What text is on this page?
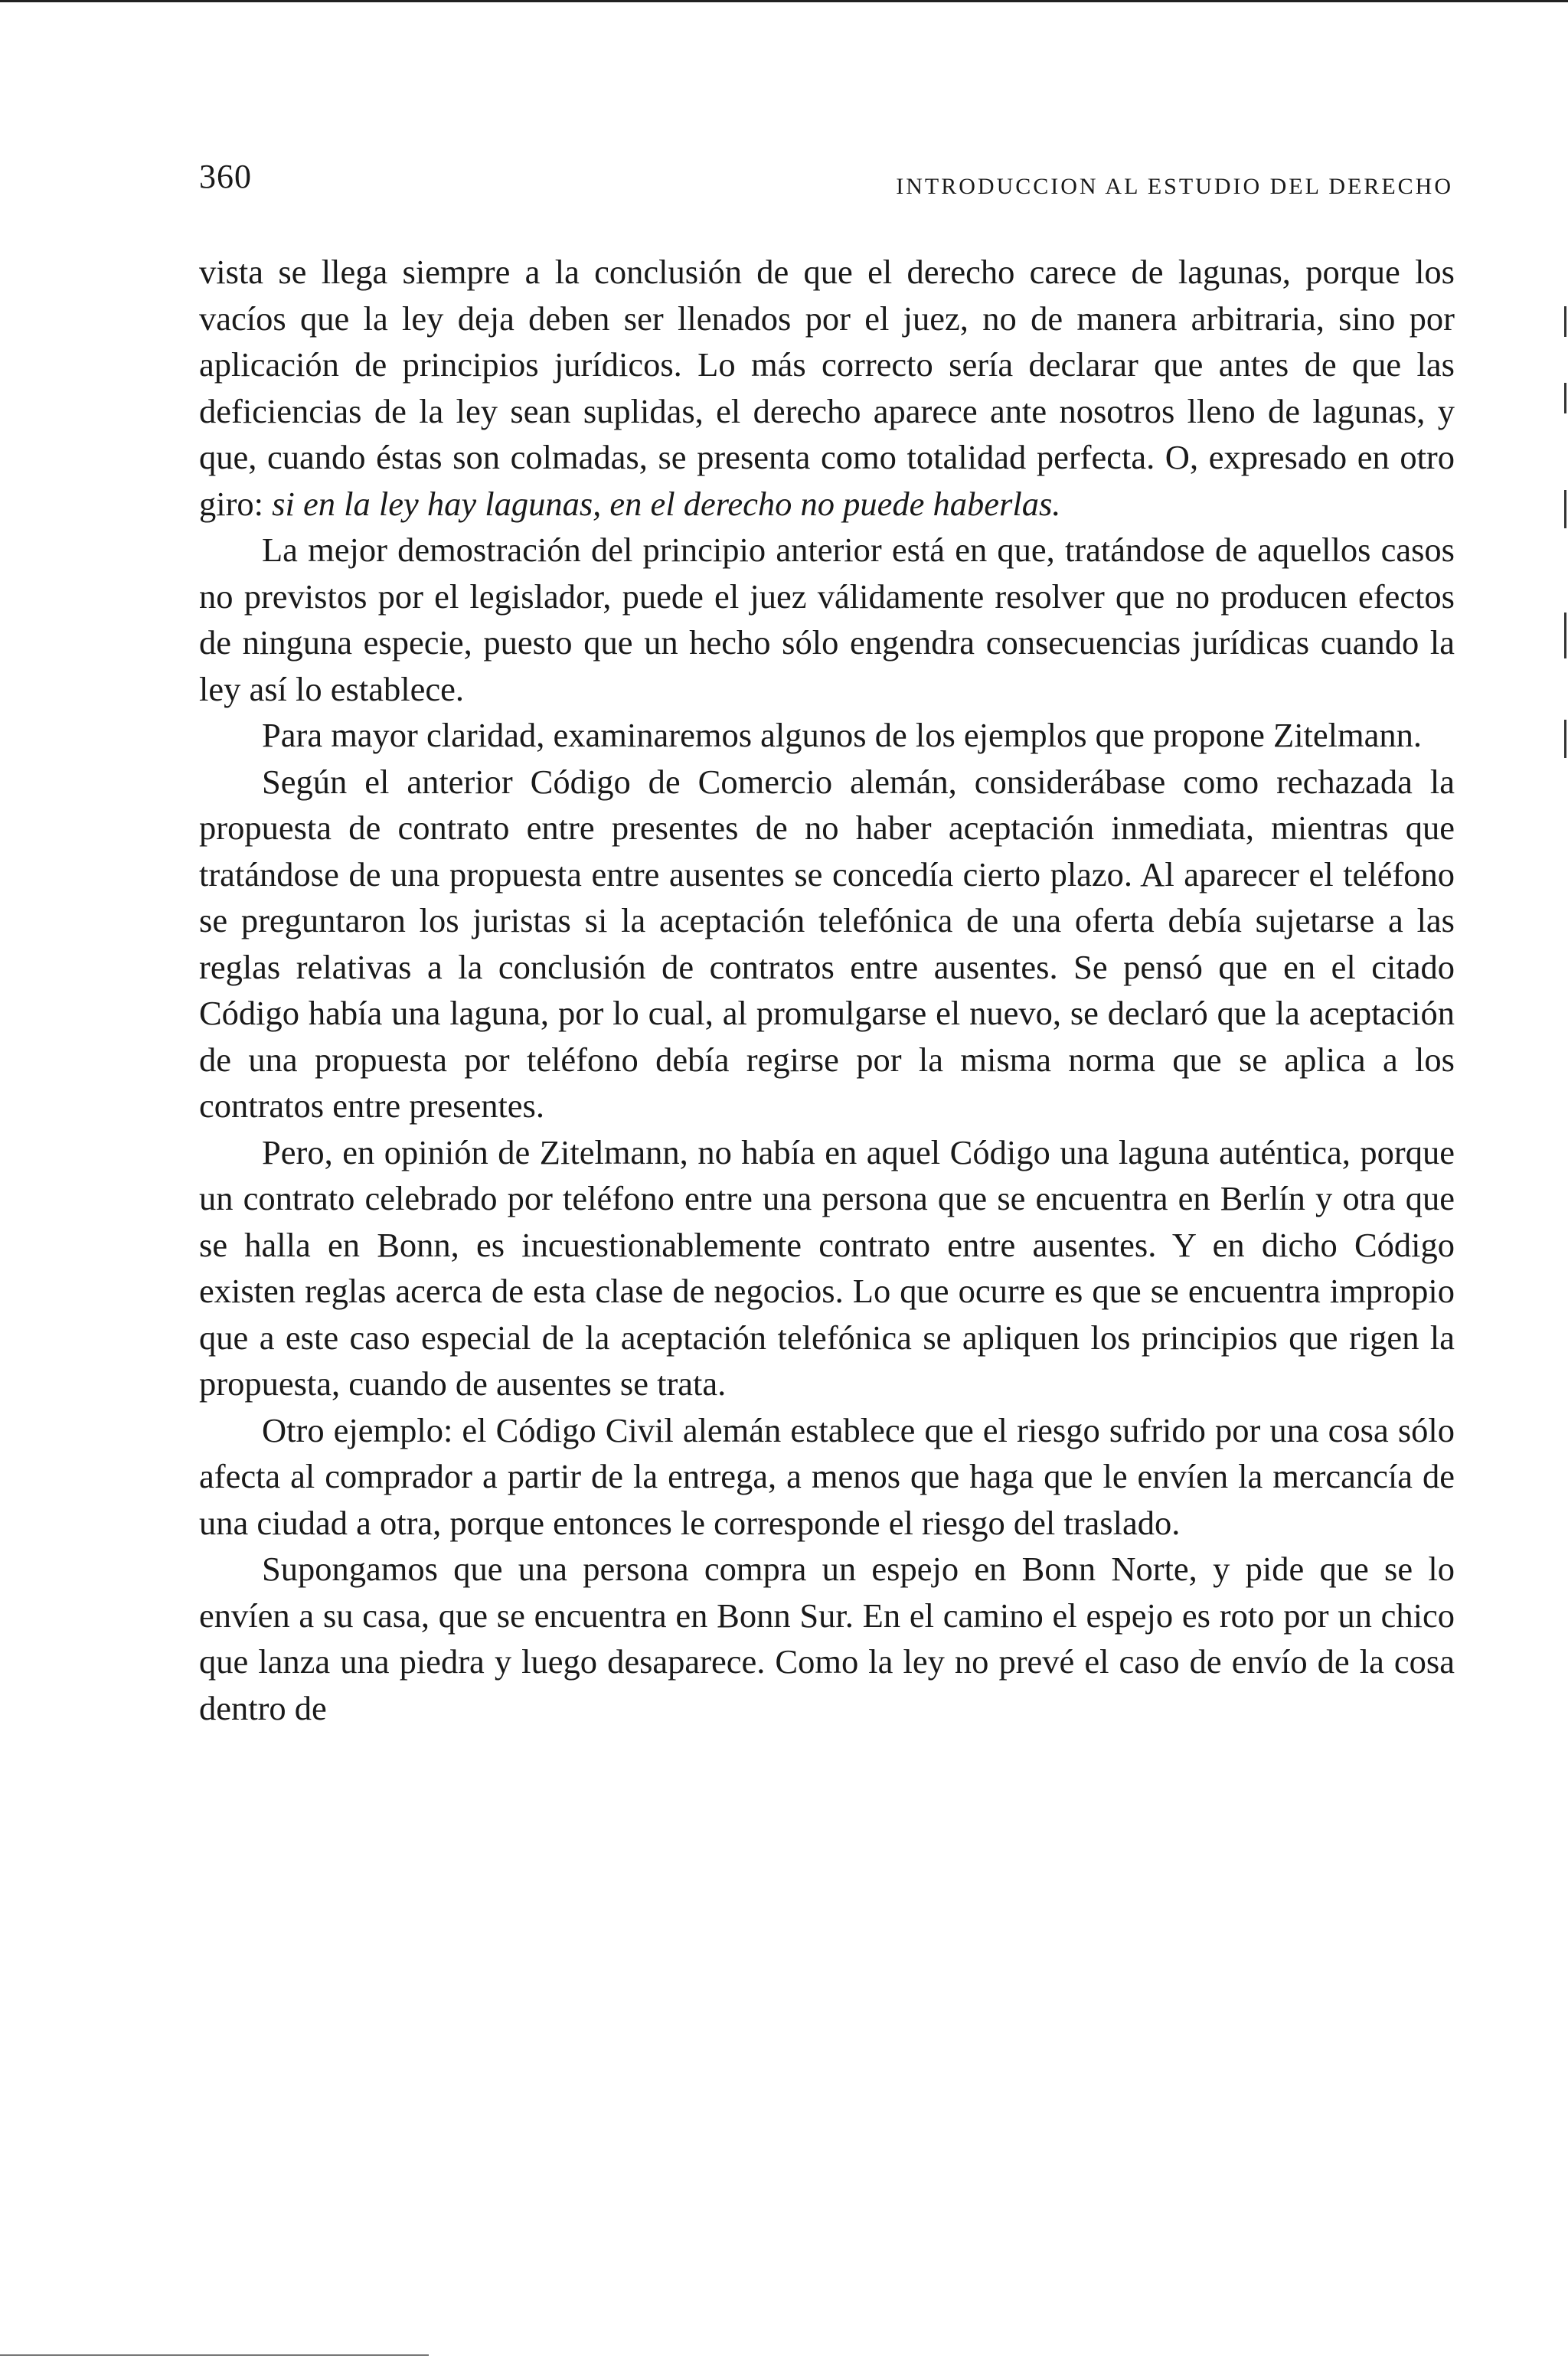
360	INTRODUCCION AL ESTUDIO DEL DERECHO

vista se llega siempre a la conclusión de que el derecho carece de lagunas, porque los vacíos que la ley deja deben ser llenados por el juez, no de manera arbitraria, sino por aplicación de principios jurídicos. Lo más correcto sería declarar que antes de que las deficiencias de la ley sean suplidas, el derecho aparece ante nosotros lleno de lagunas, y que, cuando éstas son colmadas, se presenta como totalidad perfecta. O, expresado en otro giro: si en la ley hay lagunas, en el derecho no puede haberlas.

La mejor demostración del principio anterior está en que, tratándose de aquellos casos no previstos por el legislador, puede el juez válidamente resolver que no producen efectos de ninguna especie, puesto que un hecho sólo engendra consecuencias jurídicas cuando la ley así lo establece.

Para mayor claridad, examinaremos algunos de los ejemplos que propone Zitelmann.

Según el anterior Código de Comercio alemán, considerábase como rechazada la propuesta de contrato entre presentes de no haber aceptación inmediata, mientras que tratándose de una propuesta entre ausentes se concedía cierto plazo. Al aparecer el teléfono se preguntaron los juristas si la aceptación telefónica de una oferta debía sujetarse a las reglas relativas a la conclusión de contratos entre ausentes. Se pensó que en el citado Código había una laguna, por lo cual, al promulgarse el nuevo, se declaró que la aceptación de una propuesta por teléfono debía regirse por la misma norma que se aplica a los contratos entre presentes.

Pero, en opinión de Zitelmann, no había en aquel Código una laguna auténtica, porque un contrato celebrado por teléfono entre una persona que se encuentra en Berlín y otra que se halla en Bonn, es incuestionablemente contrato entre ausentes. Y en dicho Código existen reglas acerca de esta clase de negocios. Lo que ocurre es que se encuentra impropio que a este caso especial de la aceptación telefónica se apliquen los principios que rigen la propuesta, cuando de ausentes se trata.

Otro ejemplo: el Código Civil alemán establece que el riesgo sufrido por una cosa sólo afecta al comprador a partir de la entrega, a menos que haga que le envíen la mercancía de una ciudad a otra, porque entonces le corresponde el riesgo del traslado.

Supongamos que una persona compra un espejo en Bonn Norte, y pide que se lo envíen a su casa, que se encuentra en Bonn Sur. En el camino el espejo es roto por un chico que lanza una piedra y luego desaparece. Como la ley no prevé el caso de envío de la cosa dentro de
